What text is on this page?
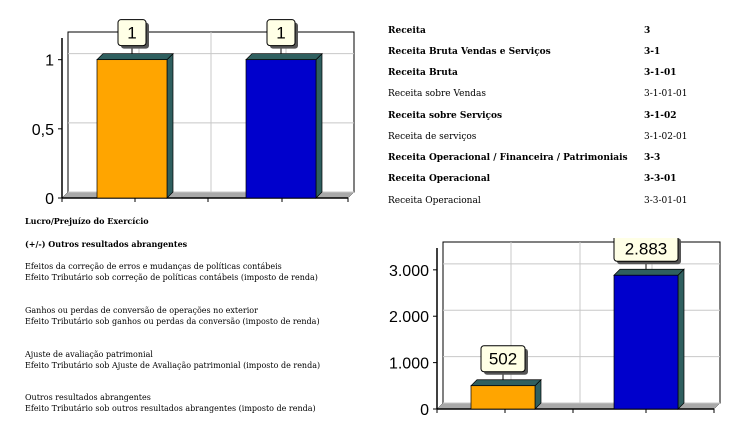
0
0,5
1
1	1
0
1.000
2.000
3.000
502
2.883
Receita	3
Receita Bruta Vendas e Serviços	3-1
Receita Bruta	3-1-01
Receita sobre Vendas	3-1-01-01
Receita sobre Serviços	3-1-02
Receita de serviços	3-1-02-01
Receita Operacional / Financeira / Patrimoniais 3-3
Receita Operacional	3-3-01
Receita Operacional	3-3-01-01
Lucro/Prejuízo do Exercício
(+/-) Outros resultados abrangentes
Efeitos da correção de erros e mudanças de políticas contábeis
Efeito Tributário sob correção de políticas contábeis (imposto de renda)
Ganhos ou perdas de conversão de operações no exterior
Efeito Tributário sob ganhos ou perdas da conversão (imposto de renda)
Ajuste de avaliação patrimonial
Efeito Tributário sob Ajuste de Avaliação patrimonial (imposto de renda)
Outros resultados abrangentes
Efeito Tributário sob outros resultados abrangentes (imposto de renda)
